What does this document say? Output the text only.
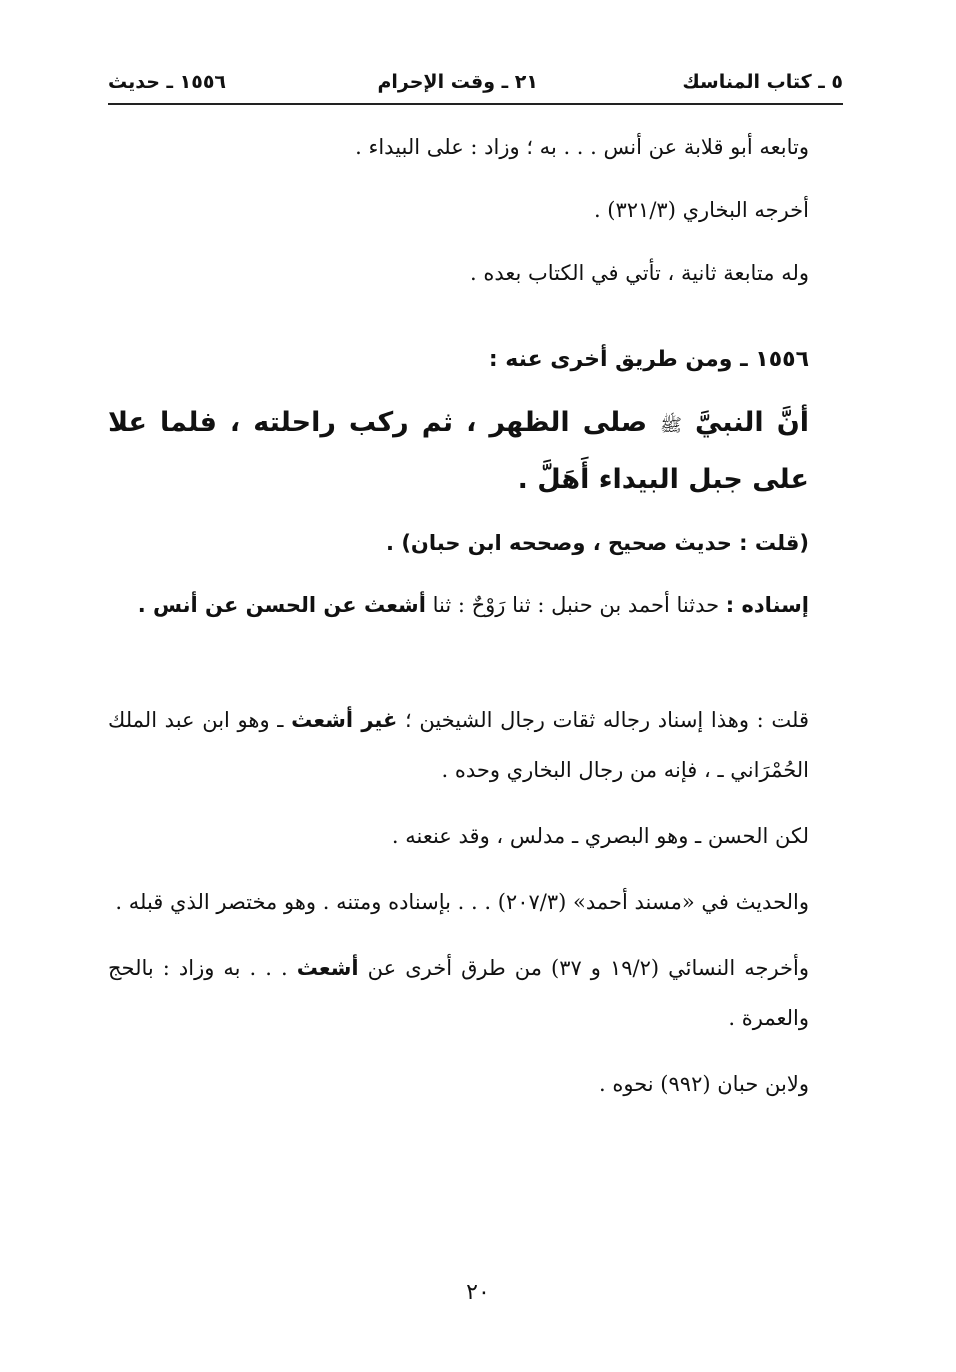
٥ ـ كتاب المناسك
٢١ ـ وقت الإحرام
١٥٥٦ ـ حديث

وتابعه أبو قلابة عن أنس . . . به ؛ وزاد : على البيداء .

أخرجه البخاري (٣٢١/٣) .

وله متابعة ثانية ، تأتي في الكتاب بعده .

١٥٥٦ ـ ومن طريق أخرى عنه :

أنَّ النبيَّ ﷺ صلى الظهر ، ثم ركب راحلته ، فلما علا على جبل البيداء أَهَلَّ .

(قلت : حديث صحيح ، وصححه ابن حبان) .

إسناده : حدثنا أحمد بن حنبل : ثنا رَوْحٌ : ثنا أشعث عن الحسن عن أنس .

قلت : وهذا إسناد رجاله ثقات رجال الشيخين ؛ غير أشعث ـ وهو ابن عبد الملك الحُمْرَاني ـ ، فإنه من رجال البخاري وحده .

لكن الحسن ـ وهو البصري ـ مدلس ، وقد عنعنه .

والحديث في «مسند أحمد» (٢٠٧/٣) . . . بإسناده ومتنه . وهو مختصر الذي قبله .

وأخرجه النسائي (١٩/٢ و ٣٧) من طرق أخرى عن أشعث . . . به وزاد : بالحج والعمرة .

ولابن حبان (٩٩٢) نحوه .

٢٠
